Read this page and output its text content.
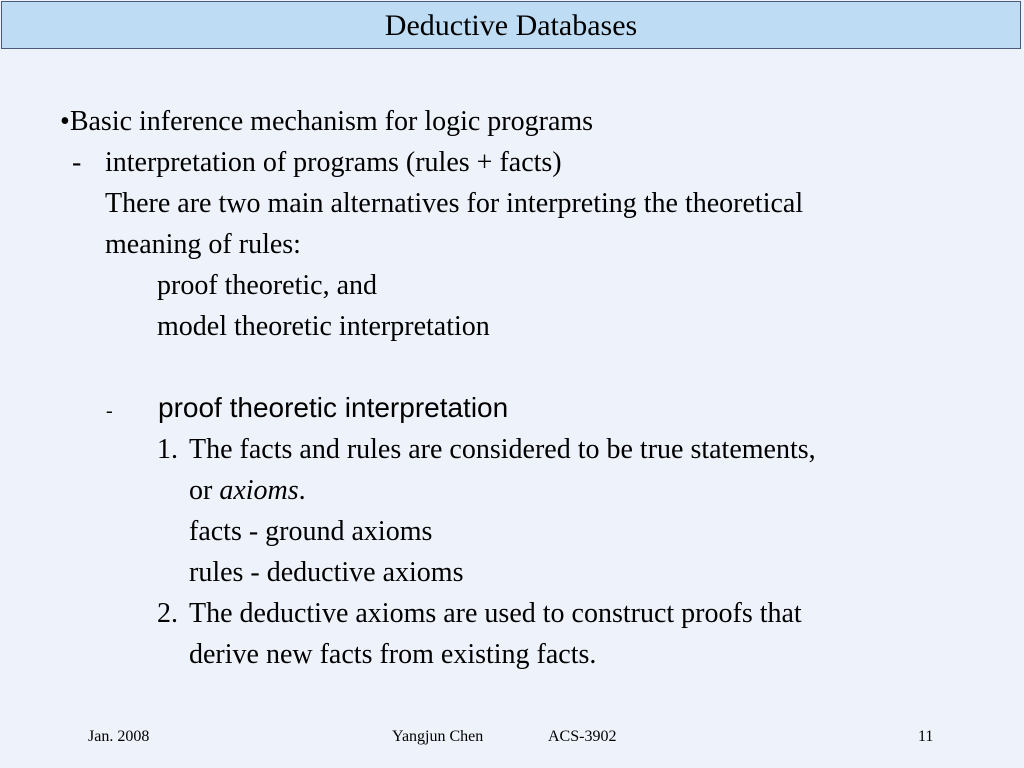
Deductive Databases
•Basic inference mechanism for logic programs
- interpretation of programs (rules + facts)
There are two main alternatives for interpreting the theoretical
meaning of rules:
proof theoretic, and
model theoretic interpretation
- proof theoretic interpretation
1. The facts and rules are considered to be true statements,
or axioms.
facts - ground axioms
rules - deductive axioms
2. The deductive axioms are used to construct proofs that
derive new facts from existing facts.
Jan. 2008	Yangjun Chen	ACS-3902	11
